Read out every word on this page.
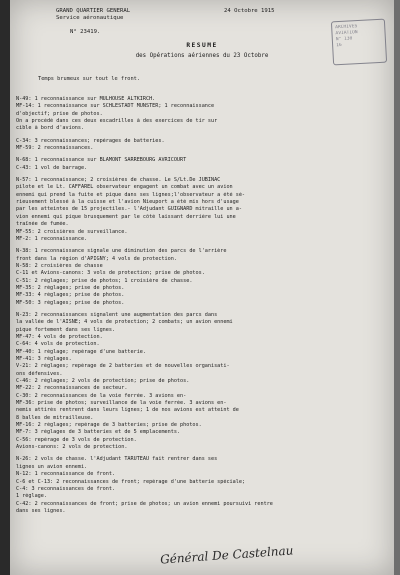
GRAND QUARTIER GENERAL
Service aéronautique
N° 23419.
24 Octobre 1915
ARCHIVES
AVIATION
N° 130
16
RESUME
des Opérations aériennes du 23 Octobre
Temps brumeux sur tout le front.
N-49: 1 reconnaissance sur MULHOUSE ALTKIRCH.
MF-14: 1 reconnaissance sur SCHLESTADT MUNSTER; 1 reconnaissance
d'objectif; prise de photos.
On a procédé dans ces deux escadrilles à des exercices de tir sur
cible à bord d'avions.
C-34: 3 reconnaissances; repérages de batteries.
MF-59: 2 reconnaissances.
N-68: 1 reconnaissance sur BLAMONT SARREBOURG AVRICOURT
C-43: 1 vol de barrage.
N-57: 1 reconnaissance; 2 croisières de chasse. Le S/Lt.De JUBINAC
pilote et le Lt. CAFFAREL observateur engagent un combat avec un avion
ennemi qui prend la fuite et pique dans ses lignes;l'observateur a été sé-
rieusement blessé à la cuisse et l'avion Nieuport a été mis hors d'usage
par les atteintes de 15 projectiles.- l'Adjudant GUIGNARD mitraille un a-
vion ennemi qui pique brusquement par le côté laissant derrière lui une
traînée de fumée.
MF-55: 2 croisières de surveillance.
MF-2: 1 reconnaissance.
N-38: 1 reconnaissance signale une diminution des parcs de l'arrière
front dans la région d'APIGNY; 4 vols de protection.
N-58: 2 croisières de chasse
C-11 et Avions-canons: 3 vols de protection; prise de photos.
C-51: 2 réglages; prise de photos; 1 croisière de chasse.
MF-35: 2 réglages; prise de photos.
MF-33: 4 réglages; prise de photos.
MF-50: 3 réglages; prise de photos.
N-23: 2 reconnaissances signalent une augmentation des parcs dans
la vallée de l'AISNE; 4 vols de protection; 2 combats; un avion ennemi
pique fortement dans ses lignes.
MF-47: 4 vols de protection.
C-64: 4 vols de protection.
MF-40: 1 réglage; repérage d'une batterie.
MF-41: 3 réglages.
V-21: 2 réglages; repérage de 2 batteries et de nouvelles organisati-
ons défensives.
C-46: 2 réglages; 2 vols de protection; prise de photos.
MF-22: 2 reconnaissances de secteur.
C-30: 2 reconnaissances de la voie ferrée. 3 avions en-
MF-36: prise de photos; surveillance de la voie ferrée. 3 avions en-
nemis attirés rentrent dans leurs lignes; 1 de nos avions est atteint de
8 balles de mitrailleuse.
MF-16: 2 réglages; repérage de 3 batteries; prise de photos.
MF-7: 3 réglages de 3 batteries et de 5 emplacements.
C-56: repérage de 3 vols de protection.
Avions-canons: 2 vols de protection.
N-26: 2 vols de chasse. l'Adjudant TARUTEAU fait rentrer dans ses
lignes un avion ennemi.
N-12: 1 reconnaissance de front.
C-6 et C-13: 2 reconnaissances de front; repérage d'une batterie spéciale;
C-4: 3 reconnaissances de front.
1 réglage.
C-42: 2 reconnaissances de front; prise de photos; un avion ennemi poursuivi rentre
dans ses lignes.
Général De Castelnau
